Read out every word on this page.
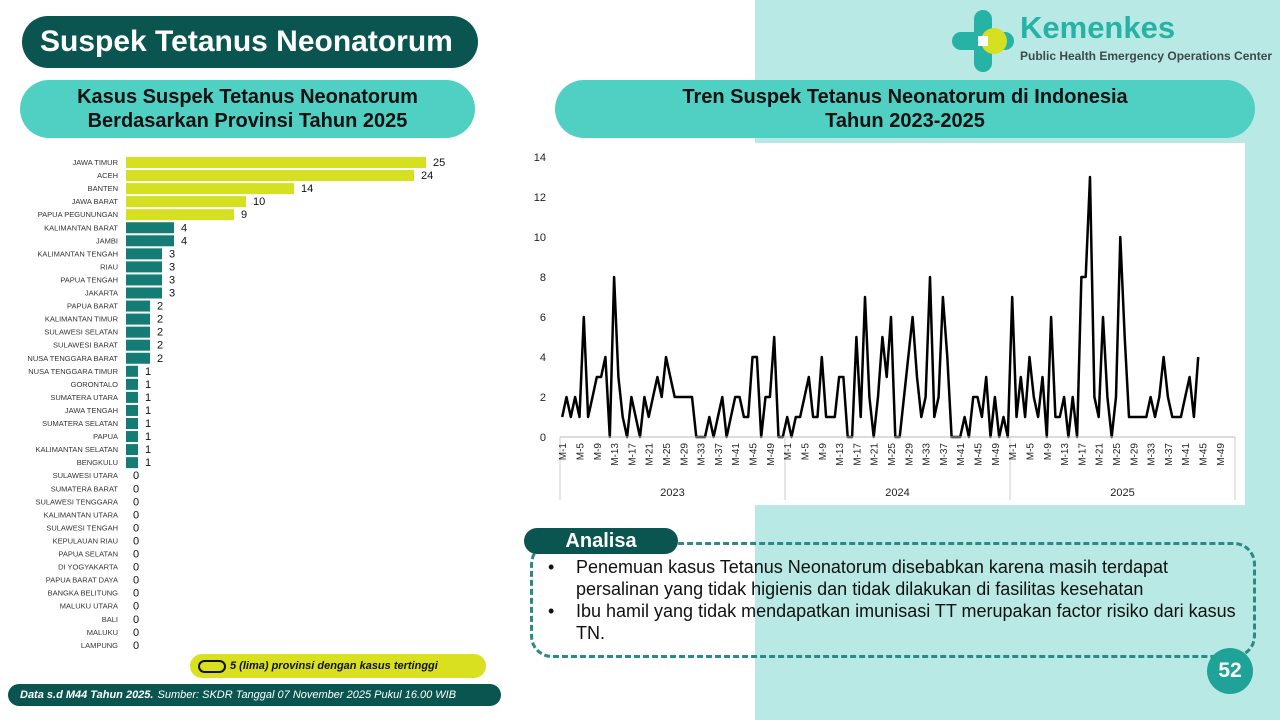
Suspek Tetanus Neonatorum	Kemenkes
Public Health Emergency Operations Center
Kasus Suspek Tetanus Neonatorum
Berdasarkan Provinsi Tahun 2025
Tren Suspek Tetanus Neonatorum di Indonesia
Tahun 2023-2025
JAWA TIMUR	25
ACEH	24
BANTEN	14
JAWA BARAT	10
PAPUA PEGUNUNGAN	9
KALIMANTAN BARAT	4
JAMBI	4
KALIMANTAN TENGAH	3
RIAU	3
PAPUA TENGAH	3
JAKARTA	3
PAPUA BARAT	2
KALIMANTAN TIMUR	2
SULAWESI SELATAN	2
SULAWESI BARAT	2
NUSA TENGGARA BARAT	2
NUSA TENGGARA TIMUR 1
GORONTALO 1
SUMATERA UTARA 1
JAWA TENGAH 1
SUMATERA SELATAN 1
PAPUA 1
KALIMANTAN SELATAN 1
BENGKULU 1
SULAWESI UTARA 0
SUMATERA BARAT 0
SULAWESI TENGGARA 0
KALIMANTAN UTARA 0
SULAWESI TENGAH 0
KEPULAUAN RIAU 0
PAPUA SELATAN 0
DI YOGYAKARTA 0
PAPUA BARAT DAYA 0
BANGKA BELITUNG 0
MALUKU UTARA 0
BALI 0
MALUKU 0
LAMPUNG 0
0
2
4
6
8
10
12
14
M-1 M-5 M-9 M-13 M-17 M-21 M-25 M-29 M-33 M-37 M-41 M-45 M-49
2023
M-1 M-5 M-9 M-13 M-17 M-21 M-25 M-29 M-33 M-37 M-41 M-45 M-49
2024
M-1 M-5 M-9 M-13 M-17 M-21 M-25 M-29 M-33 M-37 M-41 M-45 M-49
2025
5 (lima) provinsi dengan kasus tertinggi
Data s.d M44 Tahun 2025. Sumber: SKDR Tanggal 07 November 2025 Pukul 16.00 WIB
Analisa
• Penemuan kasus Tetanus Neonatorum disebabkan karena masih terdapat persalinan yang tidak higienis dan tidak dilakukan di fasilitas kesehatan
• Ibu hamil yang tidak mendapatkan imunisasi TT merupakan factor risiko dari kasus TN.
52
